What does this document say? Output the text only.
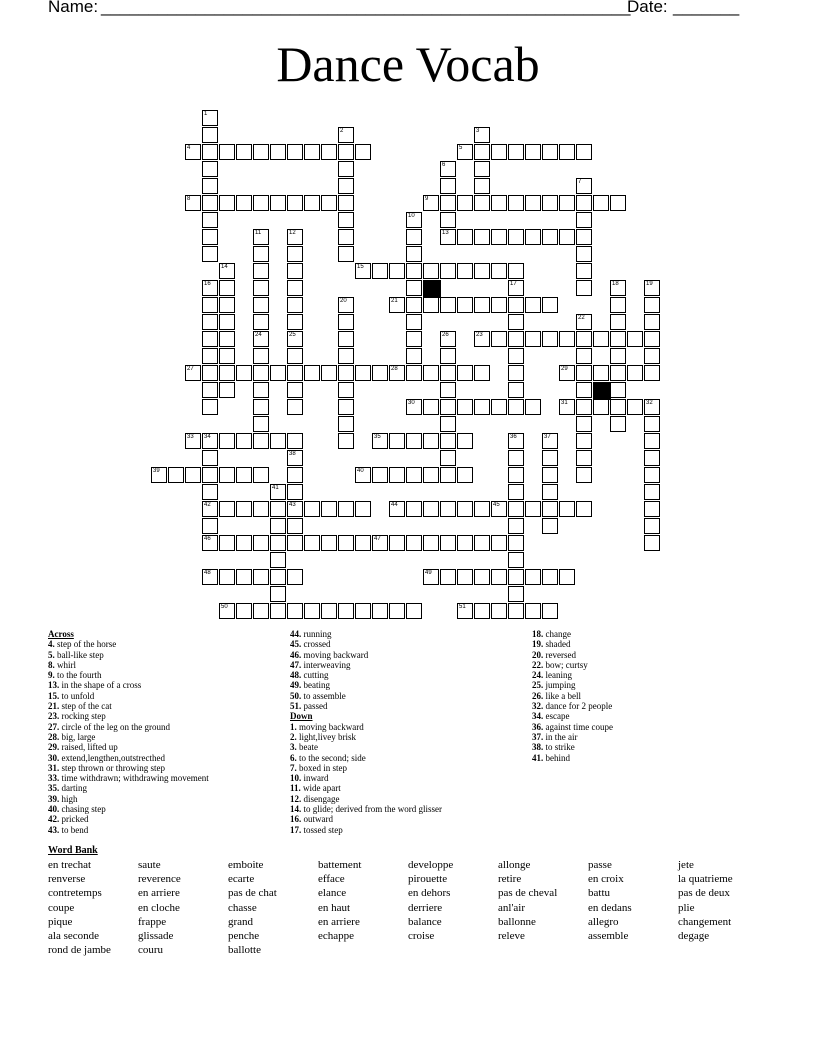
Name: ________________________________________________________
Date: _______
Dance Vocab
4	5
8	9
13
15
21
23
27	28	29
30	31
33 34	35
39	40
42	43	44	45
46	47
48	49
50	51
1
2	3
6
7
10
11
24
12
25
14
16	17	18	19
20
22
26
32
36	37
38
41
Across
4. step of the horse
5. ball-like step
8. whirl
9. to the fourth
13. in the shape of a cross
15. to unfold
21. step of the cat
23. rocking step
27. circle of the leg on the ground
28. big, large
29. raised, lifted up
30. extend,lengthen,outstrecthed
31. step thrown or throwing step
33. time withdrawn; withdrawing movement
35. darting
39. high
40. chasing step
42. pricked
43. to bend
44. running
45. crossed
46. moving backward
47. interweaving
48. cutting
49. beating
50. to assemble
51. passed
Down
1. moving backward
2. light,livey brisk
3. beate
6. to the second; side
7. boxed in step
10. inward
11. wide apart
12. disengage
14. to glide; derived from the word glisser
16. outward
17. tossed step
18. change
19. shaded
20. reversed
22. bow; curtsy
24. leaning
25. jumping
26. like a bell
32. dance for 2 people
34. escape
36. against time coupe
37. in the air
38. to strike
41. behind
Word Bank
en trechat
renverse
contretemps
coupe
pique
ala seconde
rond de jambe
saute
reverence
en arriere
en cloche
frappe
glissade
couru
emboite
ecarte
pas de chat
chasse
grand
penche
ballotte
battement
efface
elance
en haut
en arriere
echappe
developpe
pirouette
en dehors
derriere
balance
croise
allonge
retire
pas de cheval
anl'air
ballonne
releve
passe
en croix
battu
en dedans
allegro
assemble
jete
la quatrieme
pas de deux
plie
changement
degage
